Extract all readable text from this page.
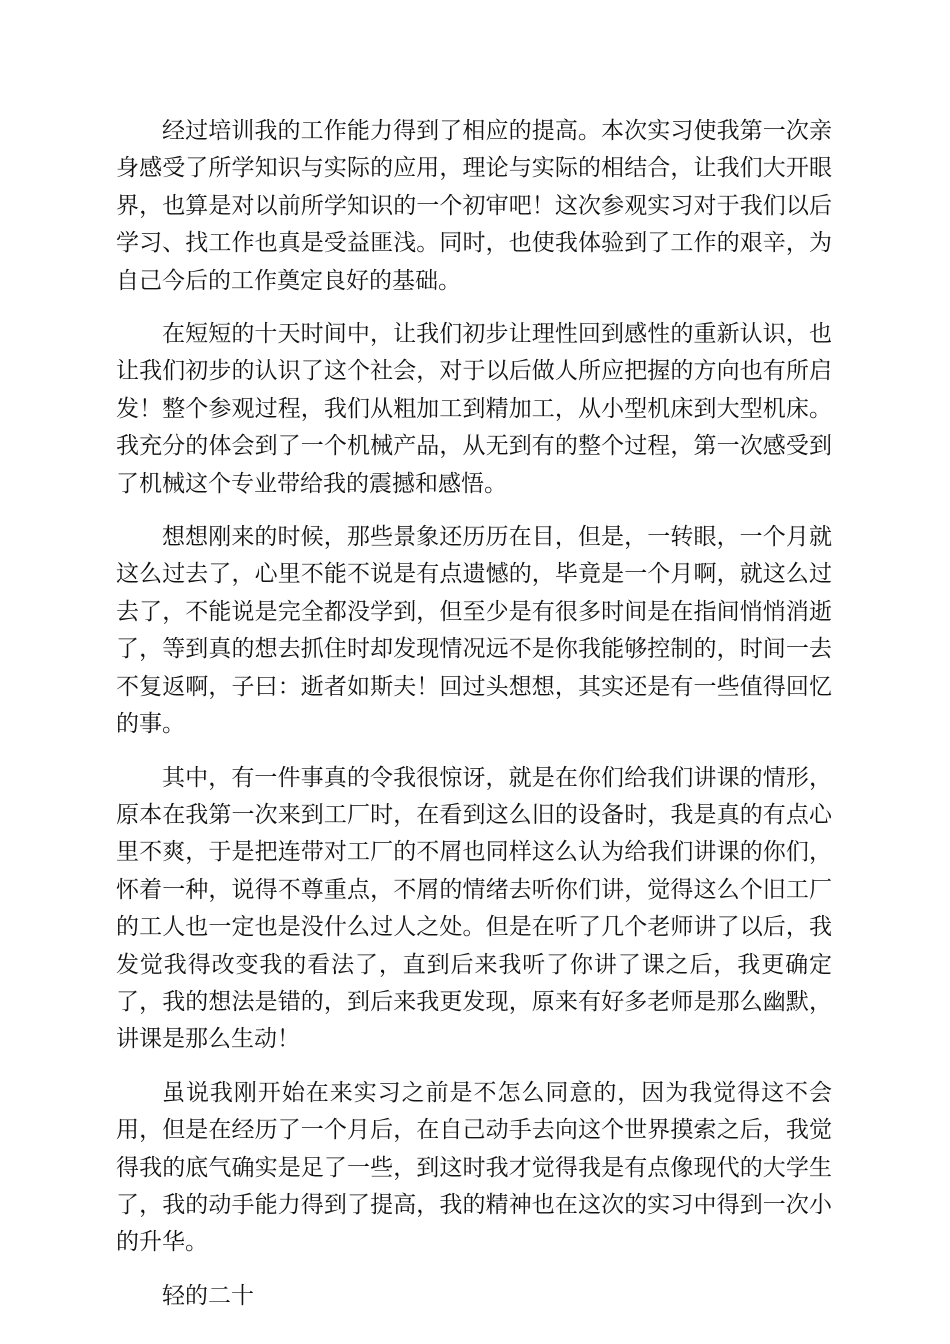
经过培训我的工作能力得到了相应的提高。本次实习使我第一次亲身感受了所学知识与实际的应用，理论与实际的相结合，让我们大开眼界，也算是对以前所学知识的一个初审吧！这次参观实习对于我们以后学习、找工作也真是受益匪浅。同时，也使我体验到了工作的艰辛，为自己今后的工作奠定良好的基础。

在短短的十天时间中，让我们初步让理性回到感性的重新认识，也让我们初步的认识了这个社会，对于以后做人所应把握的方向也有所启发！整个参观过程，我们从粗加工到精加工，从小型机床到大型机床。我充分的体会到了一个机械产品，从无到有的整个过程，第一次感受到了机械这个专业带给我的震撼和感悟。

想想刚来的时候，那些景象还历历在目，但是，一转眼，一个月就这么过去了，心里不能不说是有点遗憾的，毕竟是一个月啊，就这么过去了，不能说是完全都没学到，但至少是有很多时间是在指间悄悄消逝了，等到真的想去抓住时却发现情况远不是你我能够控制的，时间一去不复返啊，子曰：逝者如斯夫！回过头想想，其实还是有一些值得回忆的事。

其中，有一件事真的令我很惊讶，就是在你们给我们讲课的情形，原本在我第一次来到工厂时，在看到这么旧的设备时，我是真的有点心里不爽，于是把连带对工厂的不屑也同样这么认为给我们讲课的你们，怀着一种，说得不尊重点，不屑的情绪去听你们讲，觉得这么个旧工厂的工人也一定也是没什么过人之处。但是在听了几个老师讲了以后，我发觉我得改变我的看法了，直到后来我听了你讲了课之后，我更确定了，我的想法是错的，到后来我更发现，原来有好多老师是那么幽默，讲课是那么生动！

虽说我刚开始在来实习之前是不怎么同意的，因为我觉得这不会用，但是在经历了一个月后，在自己动手去向这个世界摸索之后，我觉得我的底气确实是足了一些，到这时我才觉得我是有点像现代的大学生了，我的动手能力得到了提高，我的精神也在这次的实习中得到一次小的升华。

轻的二十
